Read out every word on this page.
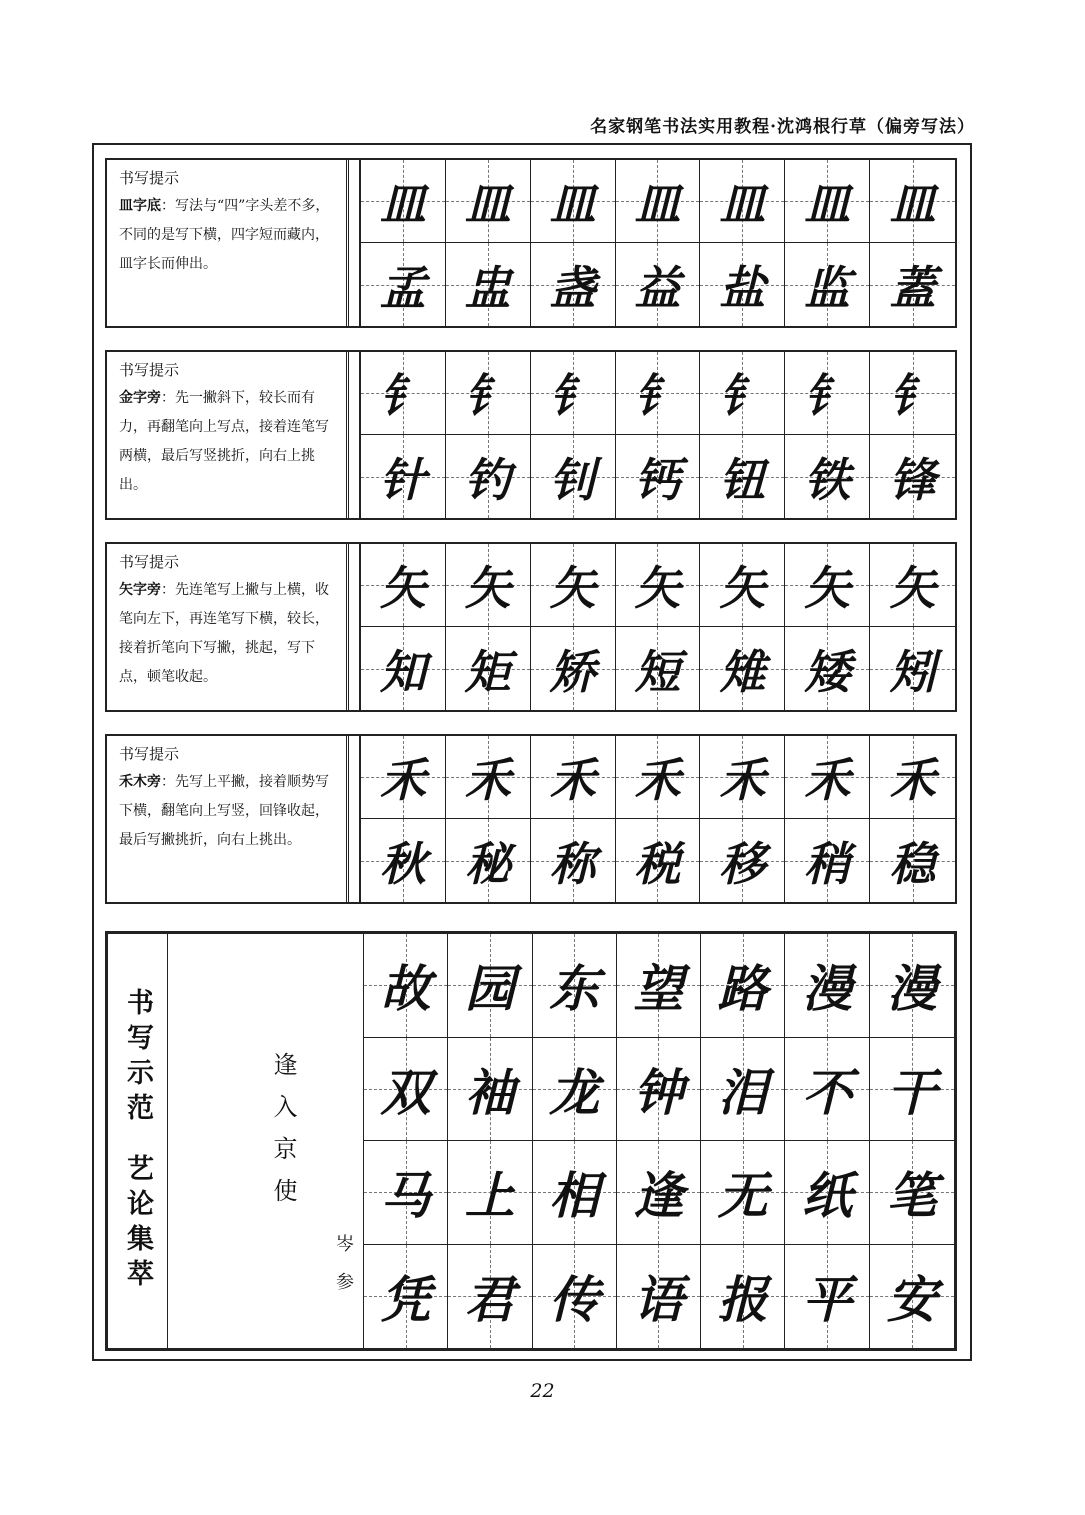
名家钢笔书法实用教程·沈鸿根行草（偏旁写法）
书写提示
皿字底：写法与“四”字头差不多，不同的是写下横，四字短而藏内，皿字长而伸出。
皿 皿 皿 皿 皿 皿 皿
孟 盅 盏 益 盐 监 蓋
书写提示
金字旁：先一撇斜下，较长而有力，再翻笔向上写点，接着连笔写两横，最后写竖挑折，向右上挑出。
钅 钅 钅 钅 钅 钅 钅
针 钓 钊 钙 钮 铁 锋
书写提示
矢字旁：先连笔写上撇与上横，收笔向左下，再连笔写下横，较长，接着折笔向下写撇，挑起，写下点，顿笔收起。
矢 矢 矢 矢 矢 矢 矢
知 矩 矫 短 雉 矮 矧
书写提示
禾木旁：先写上平撇，接着顺势写下横，翻笔向上写竖，回锋收起，最后写撇挑折，向右上挑出。
禾 禾 禾 禾 禾 禾 禾
秋 秘 称 税 移 稍 稳
书写示范
艺论集萃
逢入京使
岑参
故 园 东 望 路 漫 漫
双 袖 龙 钟 泪 不 干
马 上 相 逢 无 纸 笔
凭 君 传 语 报 平 安
22
